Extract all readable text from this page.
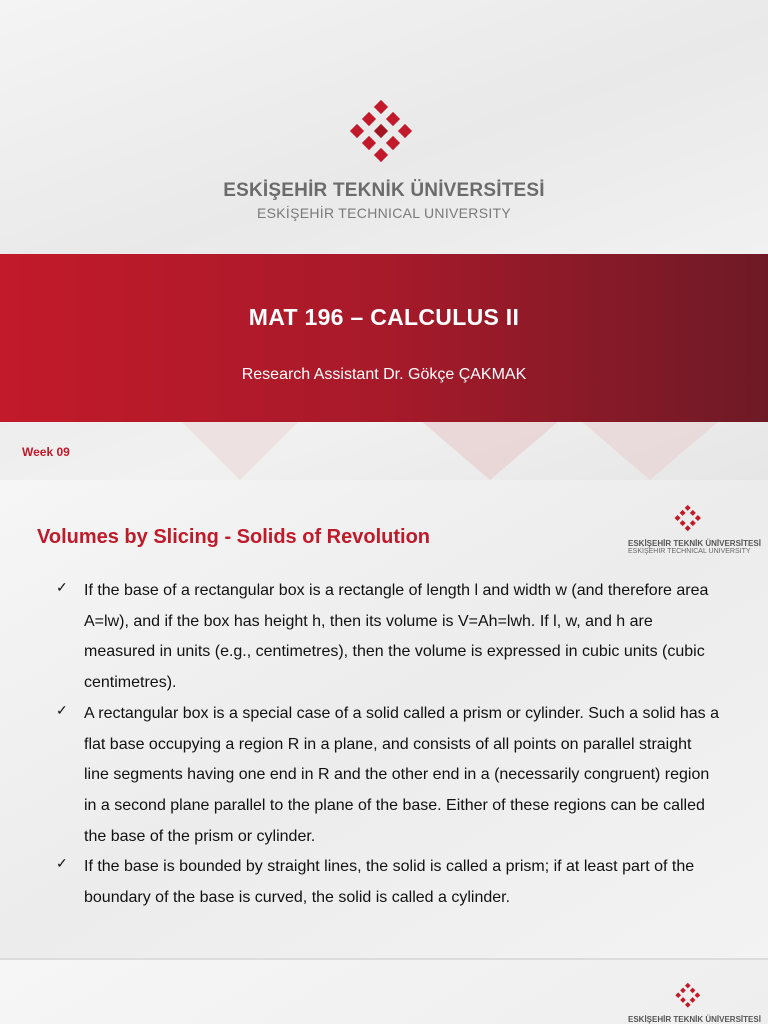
ESKİŞEHİR TEKNİK ÜNİVERSİTESİ
ESKİŞEHİR TECHNICAL UNIVERSITY
MAT 196 – CALCULUS II
Research Assistant Dr. Gökçe ÇAKMAK
Week 09
Volumes by Slicing - Solids of Revolution	ESKİŞEHİR TEKNİK ÜNİVERSİTESİ
ESKİŞEHİR TECHNICAL UNIVERSITY
✓ If the base of a rectangular box is a rectangle of length l and width w (and therefore area A=lw), and if the box has height h, then its volume is V=Ah=lwh. If l, w, and h are measured in units (e.g., centimetres), then the volume is expressed in cubic units (cubic centimetres).
✓ A rectangular box is a special case of a solid called a prism or cylinder. Such a solid has a flat base occupying a region R in a plane, and consists of all points on parallel straight line segments having one end in R and the other end in a (necessarily congruent) region in a second plane parallel to the plane of the base. Either of these regions can be called the base of the prism or cylinder.
✓ If the base is bounded by straight lines, the solid is called a prism; if at least part of the boundary of the base is curved, the solid is called a cylinder.
ESKİŞEHİR TEKNİK ÜNİVERSİTESİ
